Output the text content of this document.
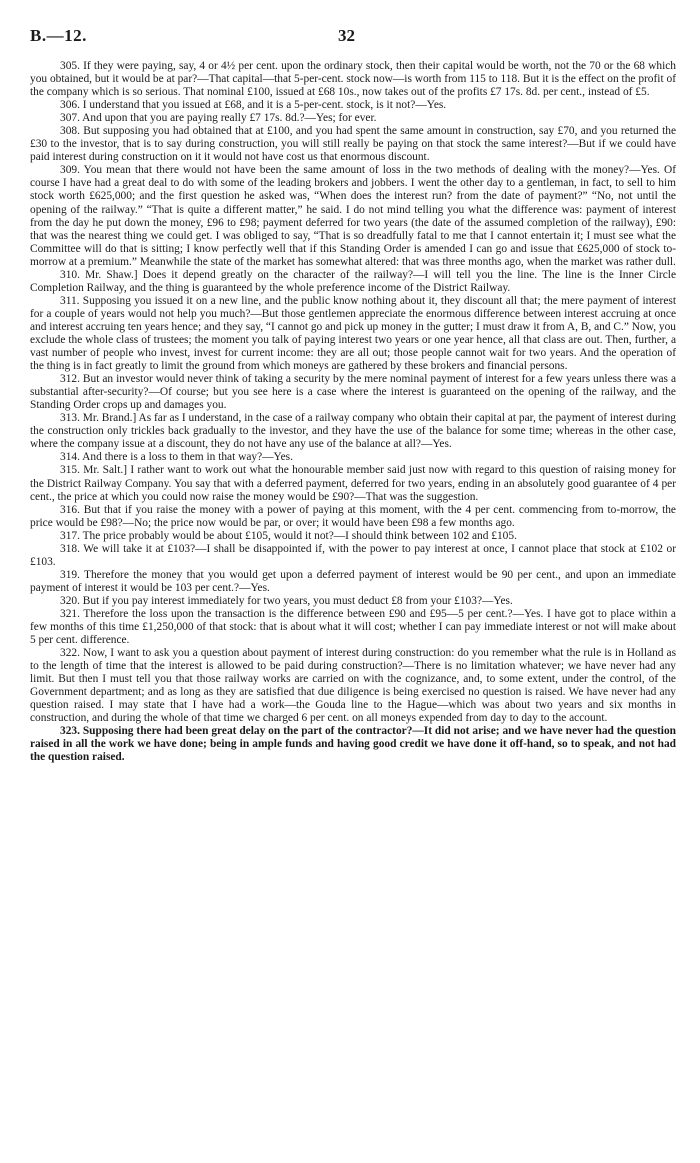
B.—12.	32

305. If they were paying, say, 4 or 4½ per cent. upon the ordinary stock, then their capital would be worth, not the 70 or the 68 which you obtained, but it would be at par?—That capital—that 5-per-cent. stock now—is worth from 115 to 118. But it is the effect on the profit of the company which is so serious. That nominal £100, issued at £68 10s., now takes out of the profits £7 17s. 8d. per cent., instead of £5.

306. I understand that you issued at £68, and it is a 5-per-cent. stock, is it not?—Yes.

307. And upon that you are paying really £7 17s. 8d.?—Yes; for ever.

308. But supposing you had obtained that at £100, and you had spent the same amount in construction, say £70, and you returned the £30 to the investor, that is to say during construction, you will still really be paying on that stock the same interest?—But if we could have paid interest during construction on it it would not have cost us that enormous discount.

309. You mean that there would not have been the same amount of loss in the two methods of dealing with the money?—Yes. Of course I have had a great deal to do with some of the leading brokers and jobbers. I went the other day to a gentleman, in fact, to sell to him stock worth £625,000; and the first question he asked was, “When does the interest run? from the date of payment?” “No, not until the opening of the railway.” “That is quite a different matter,” he said. I do not mind telling you what the difference was: payment of interest from the day he put down the money, £96 to £98; payment deferred for two years (the date of the assumed completion of the railway), £90: that was the nearest thing we could get. I was obliged to say, “That is so dreadfully fatal to me that I cannot entertain it; I must see what the Committee will do that is sitting; I know perfectly well that if this Standing Order is amended I can go and issue that £625,000 of stock to-morrow at a premium.” Meanwhile the state of the market has somewhat altered: that was three months ago, when the market was rather dull.

310. Mr. Shaw.] Does it depend greatly on the character of the railway?—I will tell you the line. The line is the Inner Circle Completion Railway, and the thing is guaranteed by the whole preference income of the District Railway.

311. Supposing you issued it on a new line, and the public know nothing about it, they discount all that; the mere payment of interest for a couple of years would not help you much?—But those gentlemen appreciate the enormous difference between interest accruing at once and interest accruing ten years hence; and they say, “I cannot go and pick up money in the gutter; I must draw it from A, B, and C.” Now, you exclude the whole class of trustees; the moment you talk of paying interest two years or one year hence, all that class are out. Then, further, a vast number of people who invest, invest for current income: they are all out; those people cannot wait for two years. And the operation of the thing is in fact greatly to limit the ground from which moneys are gathered by these brokers and financial persons.

312. But an investor would never think of taking a security by the mere nominal payment of interest for a few years unless there was a substantial after-security?—Of course; but you see here is a case where the interest is guaranteed on the opening of the railway, and the Standing Order crops up and damages you.

313. Mr. Brand.] As far as I understand, in the case of a railway company who obtain their capital at par, the payment of interest during the construction only trickles back gradually to the investor, and they have the use of the balance for some time; whereas in the other case, where the company issue at a discount, they do not have any use of the balance at all?—Yes.

314. And there is a loss to them in that way?—Yes.

315. Mr. Salt.] I rather want to work out what the honourable member said just now with regard to this question of raising money for the District Railway Company. You say that with a deferred payment, deferred for two years, ending in an absolutely good guarantee of 4 per cent., the price at which you could now raise the money would be £90?—That was the suggestion.

316. But that if you raise the money with a power of paying at this moment, with the 4 per cent. commencing from to-morrow, the price would be £98?—No; the price now would be par, or over; it would have been £98 a few months ago.

317. The price probably would be about £105, would it not?—I should think between 102 and £105.

318. We will take it at £103?—I shall be disappointed if, with the power to pay interest at once, I cannot place that stock at £102 or £103.

319. Therefore the money that you would get upon a deferred payment of interest would be 90 per cent., and upon an immediate payment of interest it would be 103 per cent.?—Yes.

320. But if you pay interest immediately for two years, you must deduct £8 from your £103?—Yes.

321. Therefore the loss upon the transaction is the difference between £90 and £95—5 per cent.?—Yes. I have got to place within a few months of this time £1,250,000 of that stock: that is about what it will cost; whether I can pay immediate interest or not will make about 5 per cent. difference.

322. Now, I want to ask you a question about payment of interest during construction: do you remember what the rule is in Holland as to the length of time that the interest is allowed to be paid during construction?—There is no limitation whatever; we have never had any limit. But then I must tell you that those railway works are carried on with the cognizance, and, to some extent, under the control, of the Government department; and as long as they are satisfied that due diligence is being exercised no question is raised. We have never had any question raised. I may state that I have had a work—the Gouda line to the Hague—which was about two years and six months in construction, and during the whole of that time we charged 6 per cent. on all moneys expended from day to day to the account.

323. Supposing there had been great delay on the part of the contractor?—It did not arise; and we have never had the question raised in all the work we have done; being in ample funds and having good credit we have done it off-hand, so to speak, and not had the question raised.
